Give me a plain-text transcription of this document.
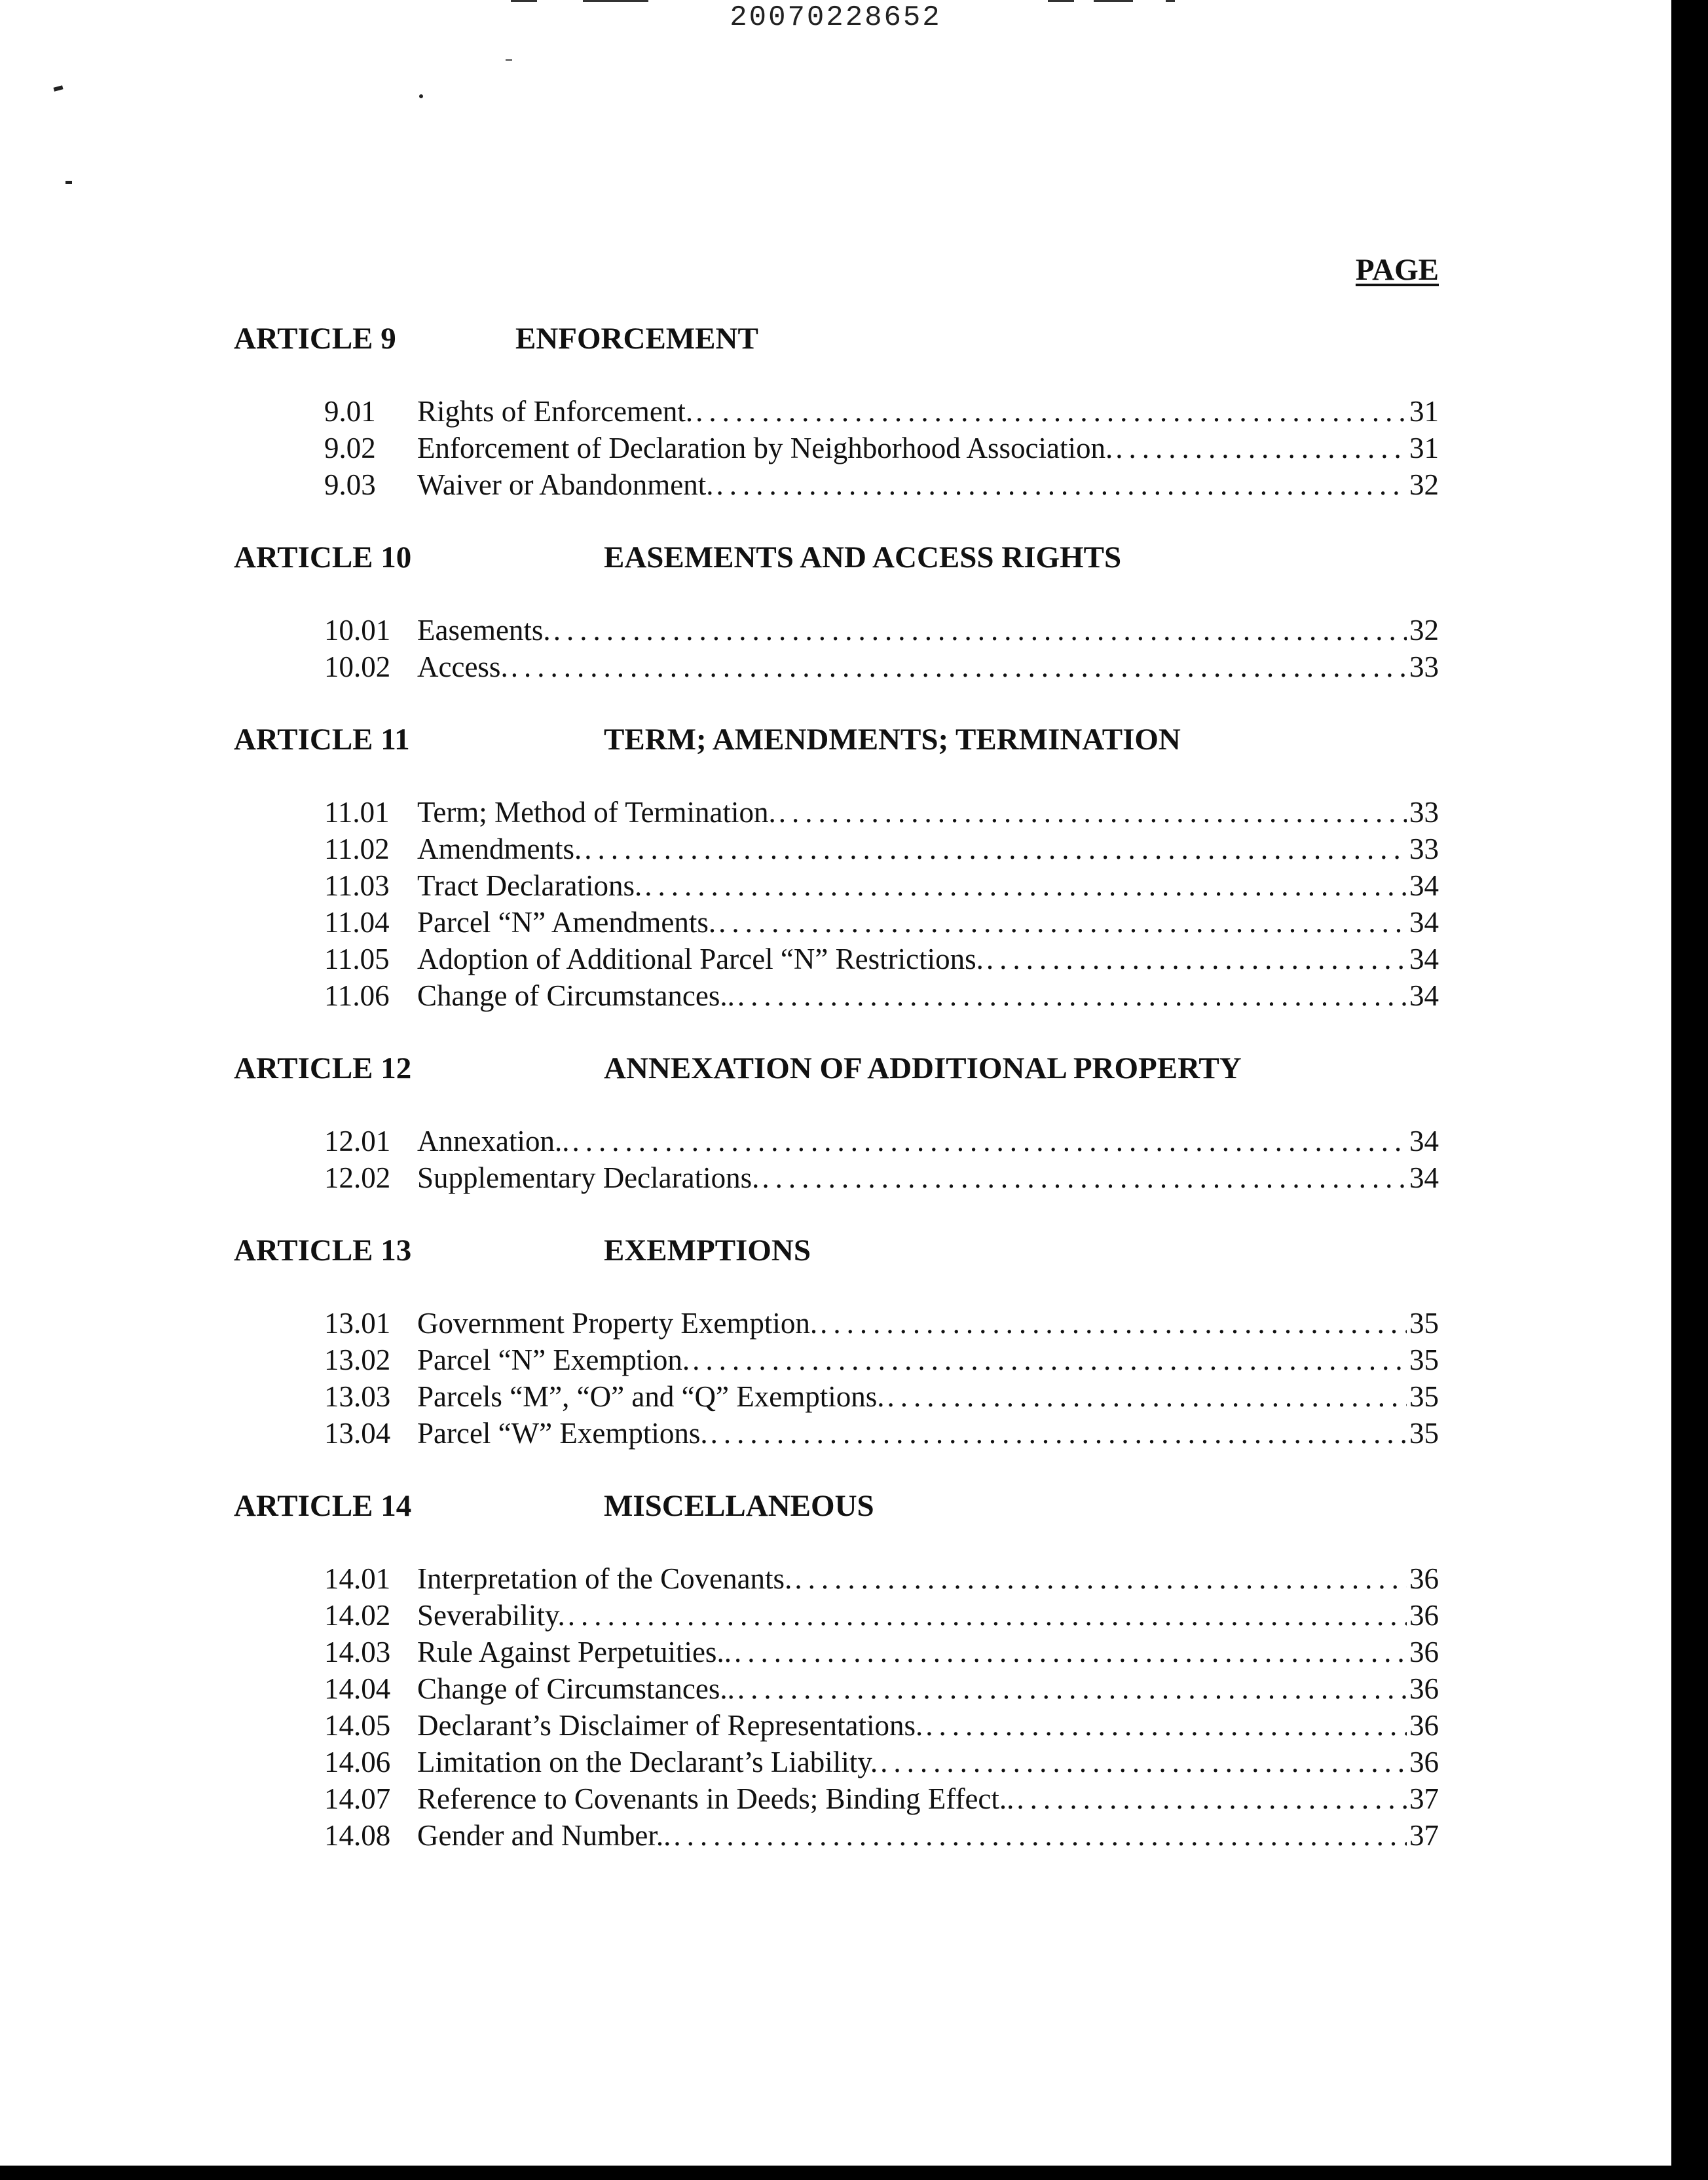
20070228652
PAGE
ARTICLE 9	ENFORCEMENT
9.01 Rights of Enforcement. .....	31
9.02 Enforcement of Declaration by Neighborhood Association. .....	31
9.03 Waiver or Abandonment. .....	32
ARTICLE 10	EASEMENTS AND ACCESS RIGHTS
10.01 Easements. .....	32
10.02 Access. .....	33
ARTICLE 11	TERM; AMENDMENTS; TERMINATION
11.01 Term; Method of Termination. .....	33
11.02 Amendments. .....	33
11.03 Tract Declarations. .....	34
11.04 Parcel “N” Amendments. .....	34
11.05 Adoption of Additional Parcel “N” Restrictions. .....	34
11.06 Change of Circumstances.. .....	34
ARTICLE 12	ANNEXATION OF ADDITIONAL PROPERTY
12.01 Annexation.. .....	34
12.02 Supplementary Declarations. .....	34
ARTICLE 13	EXEMPTIONS
13.01 Government Property Exemption. .....	35
13.02 Parcel “N” Exemption. .....	35
13.03 Parcels “M”, “O” and “Q” Exemptions. .....	35
13.04 Parcel “W” Exemptions. .....	35
ARTICLE 14	MISCELLANEOUS
14.01 Interpretation of the Covenants. .....	36
14.02 Severability. .....	36
14.03 Rule Against Perpetuities.. .....	36
14.04 Change of Circumstances.. .....	36
14.05 Declarant’s Disclaimer of Representations. .....	36
14.06 Limitation on the Declarant’s Liability. .....	36
14.07 Reference to Covenants in Deeds; Binding Effect.. .....	37
14.08 Gender and Number.. .....	37
